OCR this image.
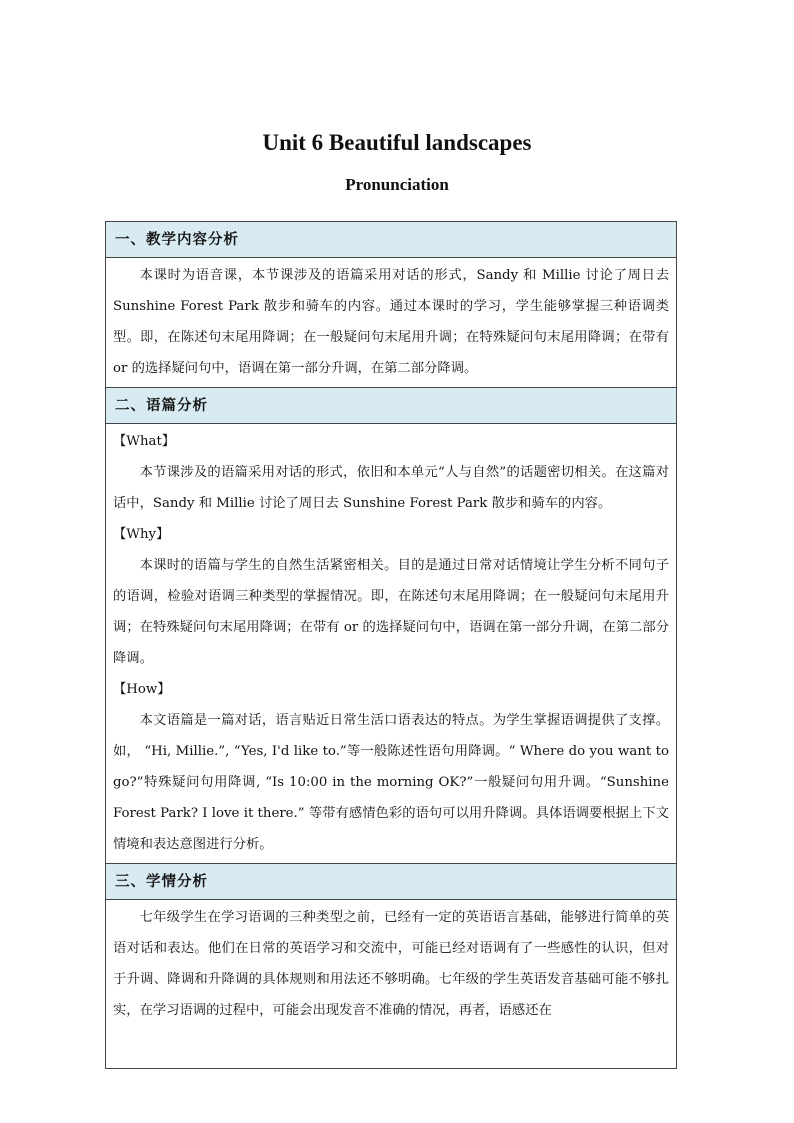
Unit 6 Beautiful landscapes
Pronunciation
一、教学内容分析

本课时为语音课，本节课涉及的语篇采用对话的形式，Sandy 和 Millie 讨论了周日去 Sunshine Forest Park 散步和骑车的内容。通过本课时的学习，学生能够掌握三种语调类型。即，在陈述句末尾用降调；在一般疑问句末尾用升调；在特殊疑问句末尾用降调；在带有 or 的选择疑问句中，语调在第一部分升调，在第二部分降调。

二、语篇分析

【What】

本节课涉及的语篇采用对话的形式，依旧和本单元“人与自然”的话题密切相关。在这篇对话中，Sandy 和 Millie 讨论了周日去 Sunshine Forest Park 散步和骑车的内容。

【Why】

本课时的语篇与学生的自然生活紧密相关。目的是通过日常对话情境让学生分析不同句子的语调，检验对语调三种类型的掌握情况。即，在陈述句末尾用降调；在一般疑问句末尾用升调；在特殊疑问句末尾用降调；在带有 or 的选择疑问句中，语调在第一部分升调，在第二部分降调。

【How】

本文语篇是一篇对话，语言贴近日常生活口语表达的特点。为学生掌握语调提供了支撑。如， “Hi, Millie.”, “Yes, I'd like to.”等一般陈述性语句用降调。“ Where do you want to go?”特殊疑问句用降调, “Is 10:00 in the morning OK?”一般疑问句用升调。“Sunshine Forest Park? I love it there.” 等带有感情色彩的语句可以用升降调。具体语调要根据上下文情境和表达意图进行分析。

三、学情分析

七年级学生在学习语调的三种类型之前，已经有一定的英语语言基础，能够进行简单的英语对话和表达。他们在日常的英语学习和交流中，可能已经对语调有了一些感性的认识，但对于升调、降调和升降调的具体规则和用法还不够明确。七年级的学生英语发音基础可能不够扎实，在学习语调的过程中，可能会出现发音不准确的情况，再者，语感还在
